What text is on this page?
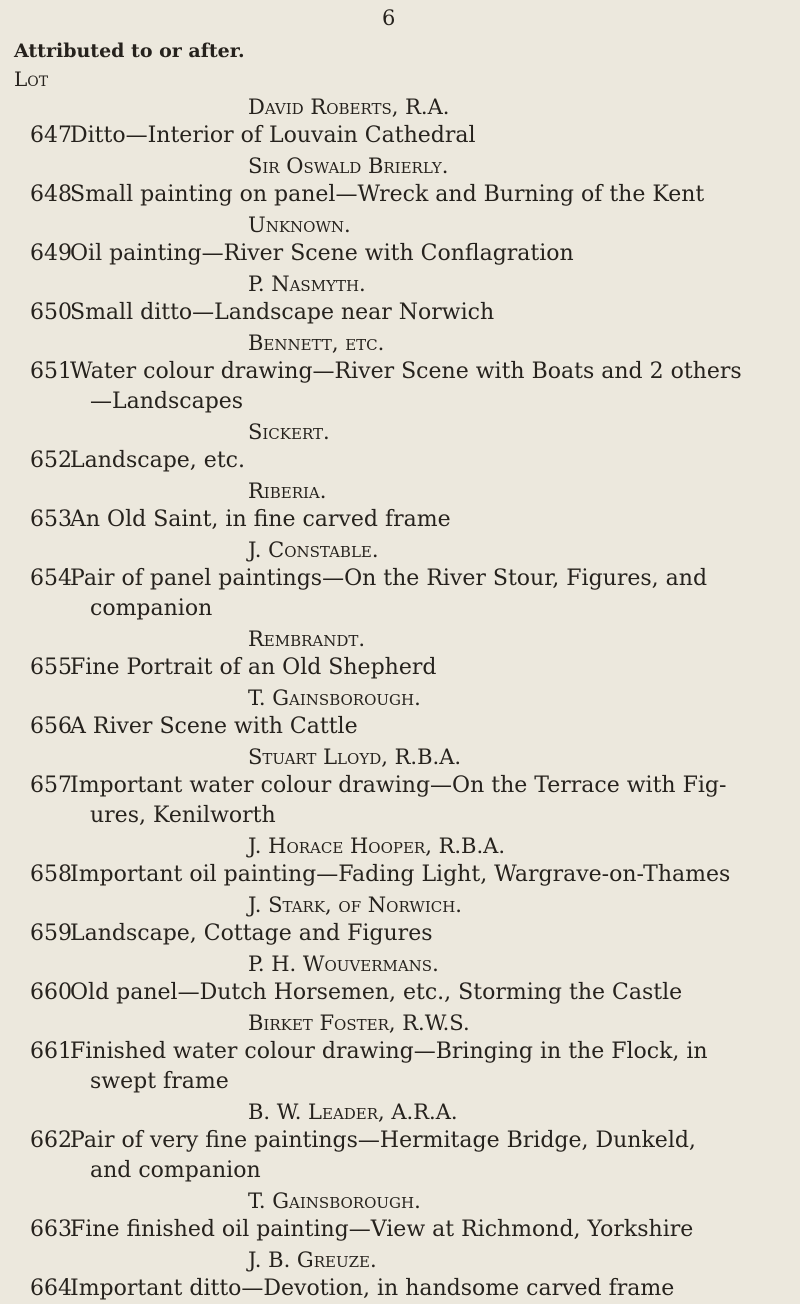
6
Attributed to or after.
Lot
David Roberts, R.A.
647
Ditto—Interior of Louvain Cathedral
Sir Oswald Brierly.
648
Small painting on panel—Wreck and Burning of the Kent
Unknown.
649
Oil painting—River Scene with Conflagration
P. Nasmyth.
650
Small ditto—Landscape near Norwich
Bennett, etc.
651
Water colour drawing—River Scene with Boats and 2 others
—Landscapes
Sickert.
652
Landscape, etc.
Riberia.
653
An Old Saint, in fine carved frame
J. Constable.
654
Pair of panel paintings—On the River Stour, Figures, and
companion
Rembrandt.
655
Fine Portrait of an Old Shepherd
T. Gainsborough.
656
A River Scene with Cattle
Stuart Lloyd, R.B.A.
657
Important water colour drawing—On the Terrace with Fig-
ures, Kenilworth
J. Horace Hooper, R.B.A.
658
Important oil painting—Fading Light, Wargrave-on-Thames
J. Stark, of Norwich.
659
Landscape, Cottage and Figures
P. H. Wouvermans.
660
Old panel—Dutch Horsemen, etc., Storming the Castle
Birket Foster, R.W.S.
661
Finished water colour drawing—Bringing in the Flock, in
swept frame
B. W. Leader, A.R.A.
662
Pair of very fine paintings—Hermitage Bridge, Dunkeld,
and companion
T. Gainsborough.
663
Fine finished oil painting—View at Richmond, Yorkshire
J. B. Greuze.
664
Important ditto—Devotion, in handsome carved frame
